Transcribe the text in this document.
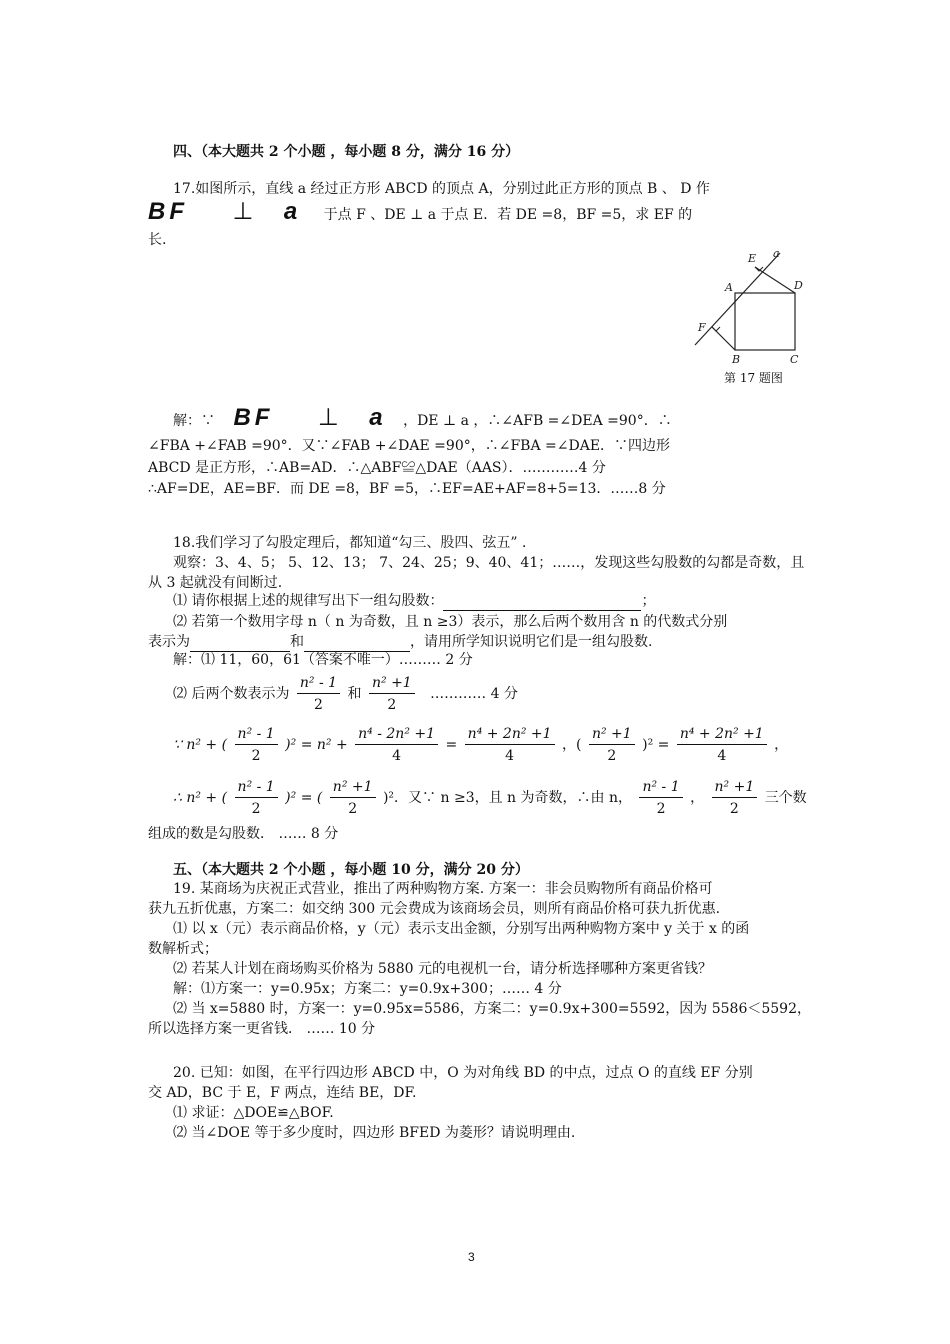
四、（本大题共 2 个小题 ，每小题 8 分，满分 16 分）
17.如图所示，直线 a 经过正方形 ABCD 的顶点 A，分别过此正方形的顶点 B 、 D 作
BF ⊥ a 于点 F 、DE ⊥ a 于点 E．若 DE =8，BF =5，求 EF 的
长.
E a
A	D
F
B	C
第 17 题图
解：∵ BF ⊥ a ，DE ⊥ a ，∴∠AFB =∠DEA =90°．∴
∠FBA +∠FAB =90°．又∵∠FAB +∠DAE =90°，∴∠FBA =∠DAE．∵四边形
ABCD 是正方形，∴AB=AD．∴△ABF≌△DAE（AAS）．…………4 分
∴AF=DE，AE=BF．而 DE =8，BF =5，∴EF=AE+AF=8+5=13．……8 分
18.我们学习了勾股定理后，都知道“勾三、股四、弦五” ．
观察：3、4、5； 5、12、13； 7、24、25；9、40、41；……，发现这些勾股数的勾都是奇数，且
从 3 起就没有间断过.
⑴ 请你根据上述的规律写出下一组勾股数：	；
⑵ 若第一个数用字母 n（ n 为奇数，且 n ≥3）表示，那么后两个数用含 n 的代数式分别
表示为	和	，请用所学知识说明它们是一组勾股数.
解：⑴ 11，60，61（答案不唯一）……… 2 分
⑵ 后两个数表示为 $\frac{\text{n² - 1}}{2}$ 和 $\frac{\text{n² +1}}{2}$ ………… 4 分
∵ n² + ( $\frac{\text{n² - 1}}{2} )^2 = n^2 + \frac{\text{n⁴ - 2n² +1}}{4} = \frac{\text{n⁴ + 2n² +1}}{4}$ ，( $\frac{\text{n² +1}}{2} )^2 = \frac{\text{n⁴ + 2n² +1}}{4}$ ，
∴ n² + ( $\frac{\text{n² - 1}}{2} )^2$ = ( $\frac{\text{n² +1}}{2} )^2$．又∵ n ≥3，且 n 为奇数，∴由 n， $\frac{\text{n² - 1}}{2}$ ， $\frac{\text{n² +1}}{2}$ 三个数
组成的数是勾股数． …… 8 分
五、（本大题共 2 个小题 ，每小题 10 分，满分 20 分）
19. 某商场为庆祝正式营业，推出了两种购物方案. 方案一：非会员购物所有商品价格可
获九五折优惠，方案二：如交纳 300 元会费成为该商场会员，则所有商品价格可获九折优惠.
⑴ 以 x（元）表示商品价格，y（元）表示支出金额，分别写出两种购物方案中 y 关于 x 的函
数解析式；
⑵ 若某人计划在商场购买价格为 5880 元的电视机一台，请分析选择哪种方案更省钱？
解：⑴方案一：y=0.95x；方案二：y=0.9x+300；…… 4 分
⑵ 当 x=5880 时，方案一：y=0.95x=5586，方案二：y=0.9x+300=5592，因为 5586＜5592，
所以选择方案一更省钱． …… 10 分
20. 已知：如图，在平行四边形 ABCD 中，O 为对角线 BD 的中点，过点 O 的直线 EF 分别
交 AD，BC 于 E，F 两点，连结 BE，DF.
⑴ 求证：△DOE≌△BOF.
⑵ 当∠DOE 等于多少度时，四边形 BFED 为菱形？请说明理由.
3
